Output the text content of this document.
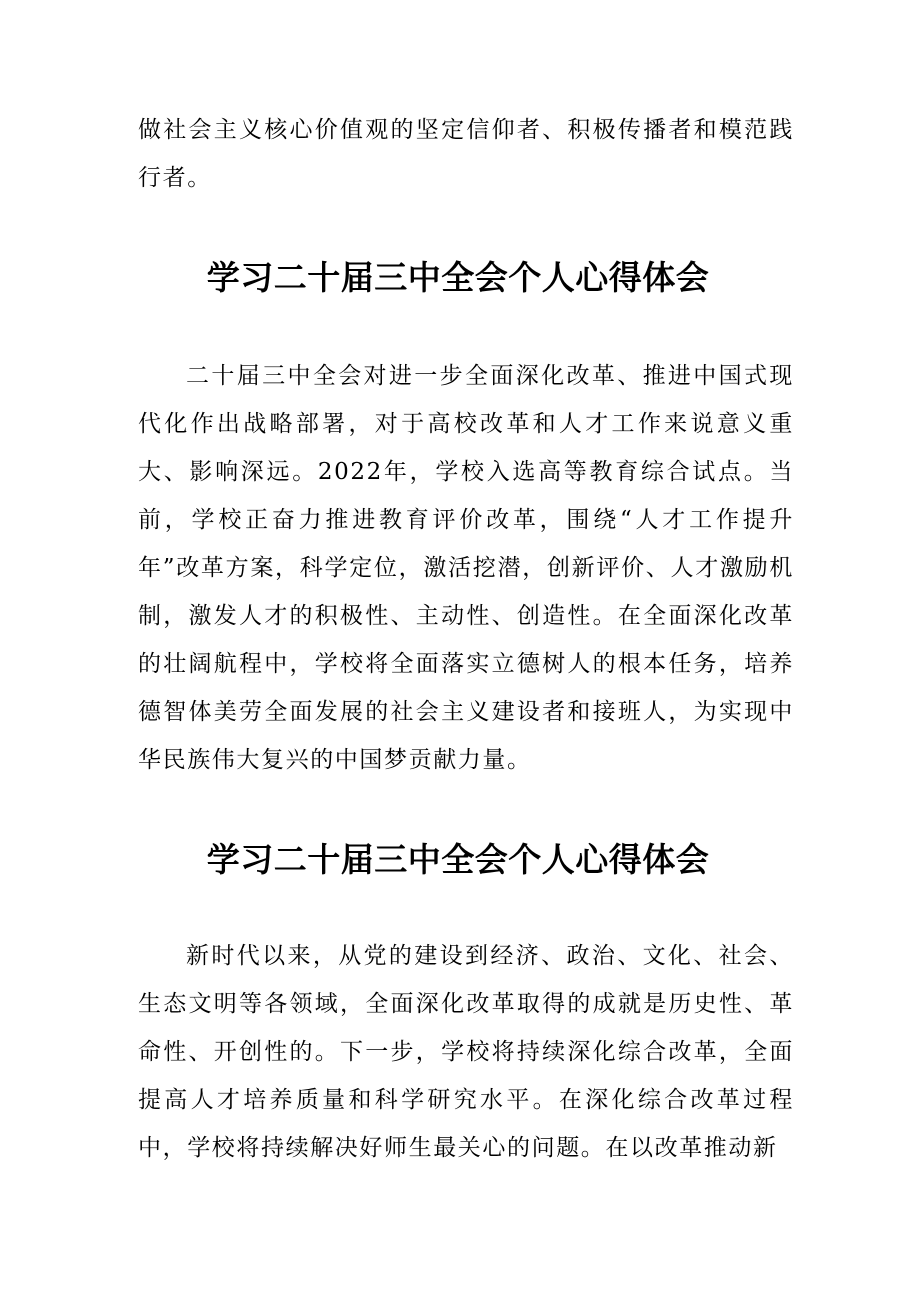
做社会主义核心价值观的坚定信仰者、积极传播者和模范践行者。

学习二十届三中全会个人心得体会

二十届三中全会对进一步全面深化改革、推进中国式现代化作出战略部署，对于高校改革和人才工作来说意义重大、影响深远。2022年，学校入选高等教育综合试点。当前，学校正奋力推进教育评价改革，围绕“人才工作提升年”改革方案，科学定位，激活挖潜，创新评价、人才激励机制，激发人才的积极性、主动性、创造性。在全面深化改革的壮阔航程中，学校将全面落实立德树人的根本任务，培养德智体美劳全面发展的社会主义建设者和接班人，为实现中华民族伟大复兴的中国梦贡献力量。

学习二十届三中全会个人心得体会

新时代以来，从党的建设到经济、政治、文化、社会、生态文明等各领域，全面深化改革取得的成就是历史性、革命性、开创性的。下一步，学校将持续深化综合改革，全面提高人才培养质量和科学研究水平。在深化综合改革过程中，学校将持续解决好师生最关心的问题。在以改革推动新
